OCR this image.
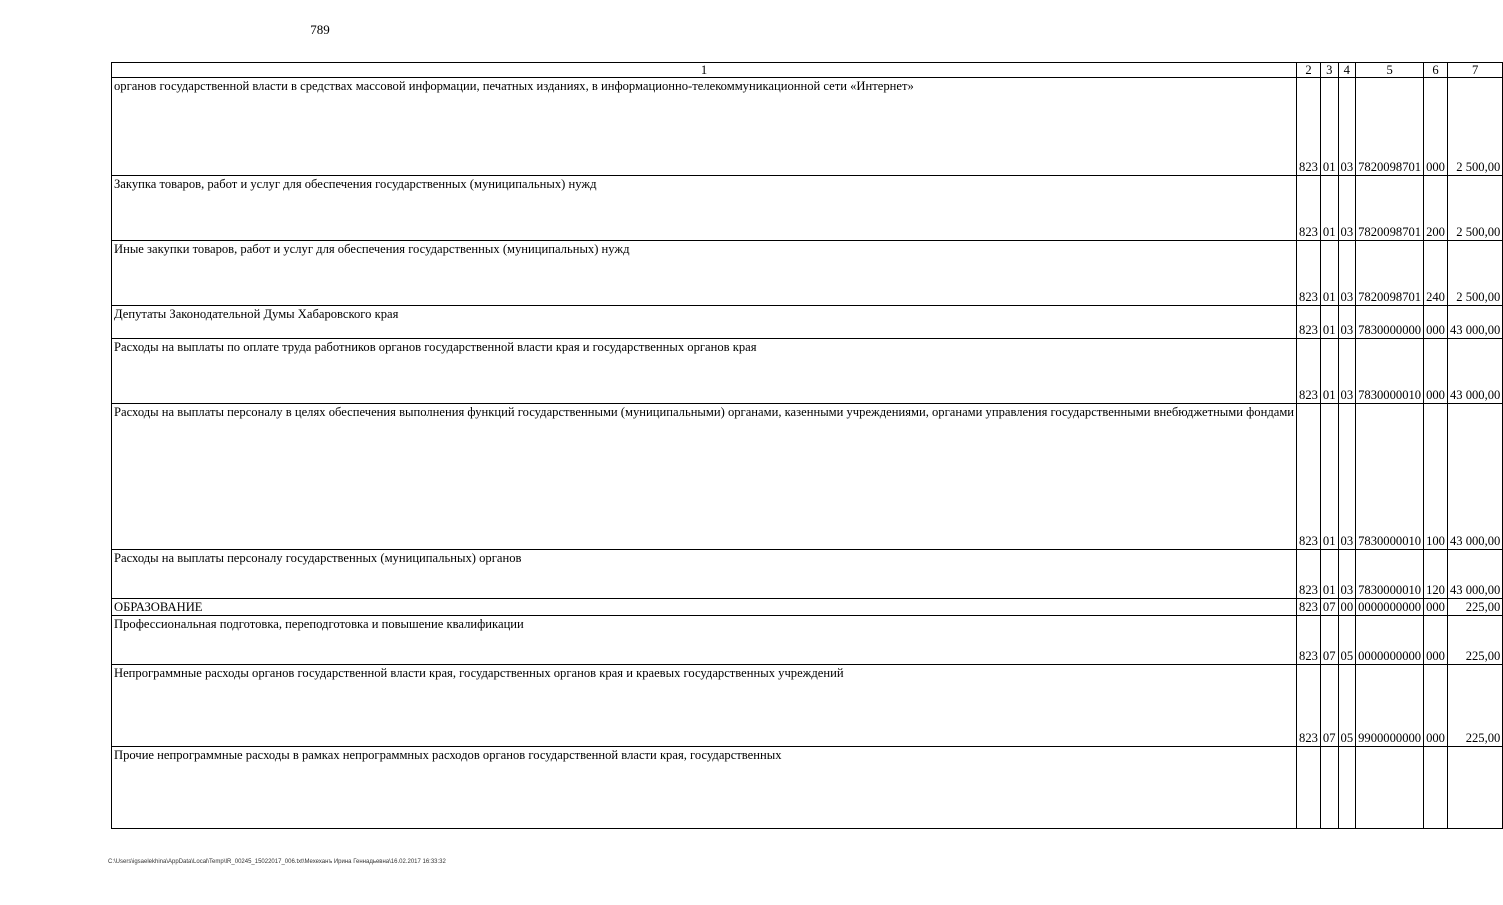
789
1	2	3	4	5	6	7
органов государственной власти в средствах массовой информации, печатных изданиях, в информационно-телекоммуникационной сети «Интернет»	823	01	03	7820098701	000	2 500,00
Закупка товаров, работ и услуг для обеспечения государственных (муниципальных) нужд	823	01	03	7820098701	200	2 500,00
Иные закупки товаров, работ и услуг для обеспечения государственных (муниципальных) нужд	823	01	03	7820098701	240	2 500,00
Депутаты Законодательной Думы Хабаровского края	823	01	03	7830000000	000	43 000,00
Расходы на выплаты по оплате труда работников органов государственной власти края и государственных органов края	823	01	03	7830000010	000	43 000,00
Расходы на выплаты персоналу в целях обеспечения выполнения функций государственными (муниципальными) органами, казенными учреждениями, органами управления государственными внебюджетными фондами	823	01	03	7830000010	100	43 000,00
Расходы на выплаты персоналу государственных (муниципальных) органов	823	01	03	7830000010	120	43 000,00
ОБРАЗОВАНИЕ	823	07	00	0000000000	000	225,00
Профессиональная подготовка, переподготовка и повышение квалификации	823	07	05	0000000000	000	225,00
Непрограммные расходы органов государственной власти края, государственных органов края и краевых государственных учреждений	823	07	05	9900000000	000	225,00
Прочие непрограммные расходы в рамках непрограммных расходов органов государственной власти края, государственных						
C:\Users\igsaelekhina\AppData\Local\Temp\IR_00245_15022017_006.txt\Мехеханъ Ирина Геннадьевна\16.02.2017 16:33:32
